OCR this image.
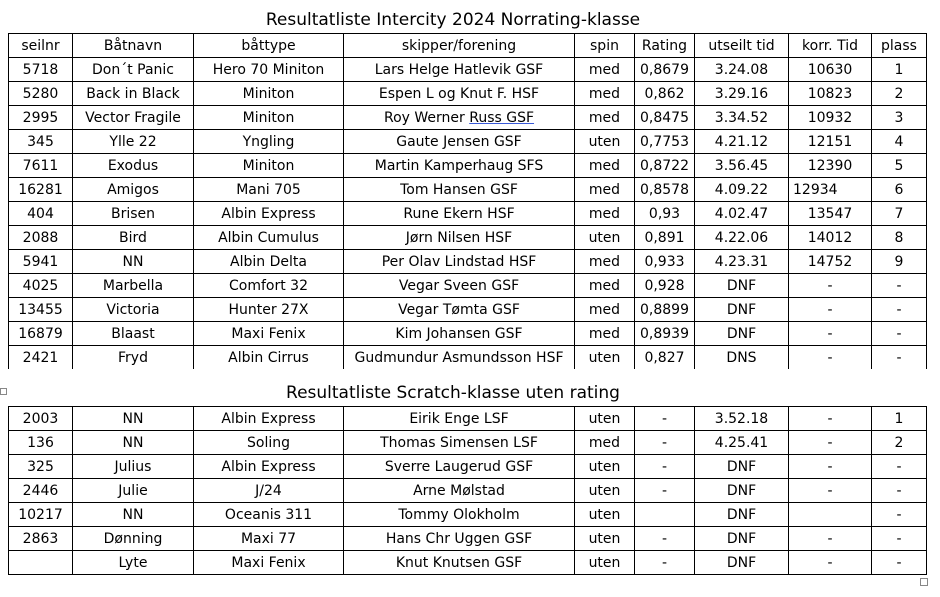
Resultatliste Intercity 2024 Norrating-klasse
seilnr	Båtnavn	båttype	skipper/forening	spin	Rating	utseilt tid	korr. Tid	plass
5718	Don´t Panic	Hero 70 Miniton	Lars Helge Hatlevik GSF	med	0,8679	3.24.08	10630	1
5280	Back in Black	Miniton	Espen L og Knut F. HSF	med	0,862	3.29.16	10823	2
2995	Vector Fragile	Miniton	Roy Werner Russ GSF	med	0,8475	3.34.52	10932	3
345	Ylle 22	Yngling	Gaute Jensen GSF	uten	0,7753	4.21.12	12151	4
7611	Exodus	Miniton	Martin Kamperhaug SFS	med	0,8722	3.56.45	12390	5
16281	Amigos	Mani 705	Tom Hansen GSF	med	0,8578	4.09.22	12934	6
404	Brisen	Albin Express	Rune Ekern HSF	med	0,93	4.02.47	13547	7
2088	Bird	Albin Cumulus	Jørn Nilsen HSF	uten	0,891	4.22.06	14012	8
5941	NN	Albin Delta	Per Olav Lindstad HSF	med	0,933	4.23.31	14752	9
4025	Marbella	Comfort 32	Vegar Sveen GSF	med	0,928	DNF	-	-
13455	Victoria	Hunter 27X	Vegar Tømta GSF	med	0,8899	DNF	-	-
16879	Blaast	Maxi Fenix	Kim Johansen GSF	med	0,8939	DNF	-	-
2421	Fryd	Albin Cirrus	Gudmundur Asmundsson HSF	uten	0,827	DNS	-	-
Resultatliste Scratch-klasse uten rating
2003	NN	Albin Express	Eirik Enge LSF	uten	-	3.52.18	-	1
136	NN	Soling	Thomas Simensen LSF	med	-	4.25.41	-	2
325	Julius	Albin Express	Sverre Laugerud GSF	uten	-	DNF	-	-
2446	Julie	J/24	Arne Mølstad	uten	-	DNF	-	-
10217	NN	Oceanis 311	Tommy Olokholm	uten		DNF		-
2863	Dønning	Maxi 77	Hans Chr Uggen GSF	uten	-	DNF	-	-
	Lyte	Maxi Fenix	Knut Knutsen GSF	uten	-	DNF	-	-
